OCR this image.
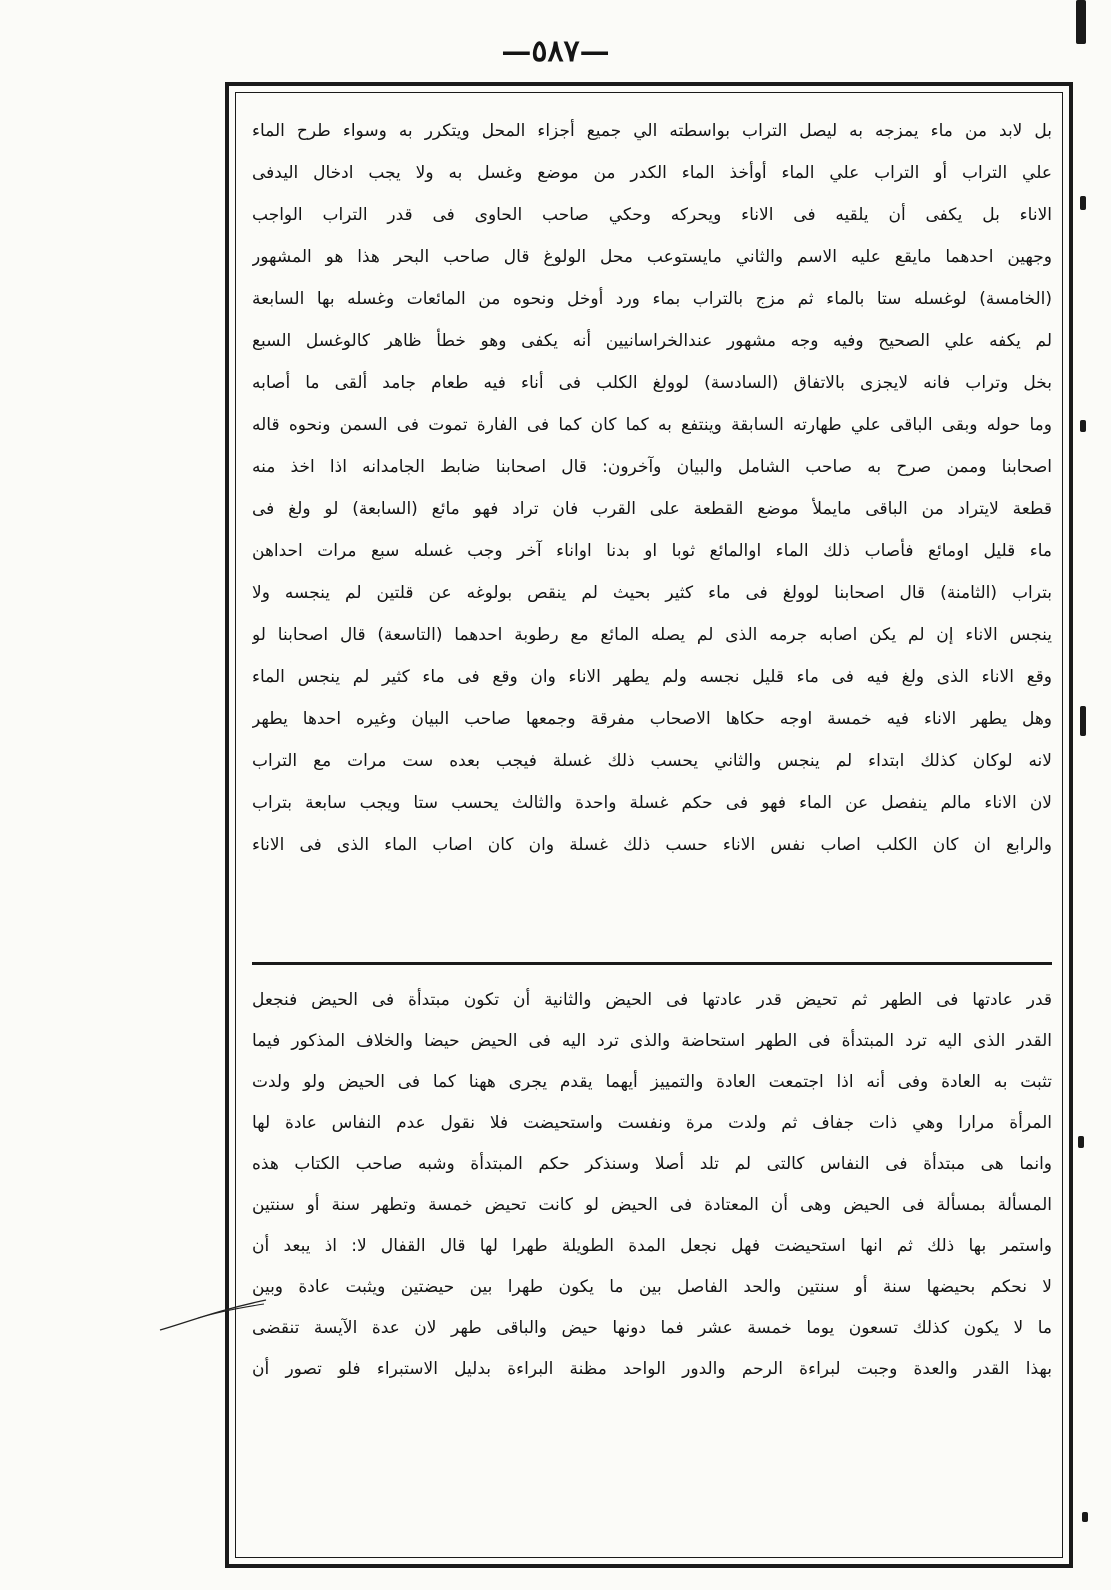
—٥٨٧—
بل لابد من ماء يمزجه به ليصل التراب بواسطته الي جميع أجزاء المحل ويتكرر به وسواء طرح الماء
علي التراب أو التراب علي الماء أوأخذ الماء الكدر من موضع وغسل به ولا يجب ادخال اليدفى
الاناء بل يكفى أن يلقيه فى الاناء ويحركه وحكي صاحب الحاوى فى قدر التراب الواجب
وجهين احدهما مايقع عليه الاسم والثاني مايستوعب محل الولوغ قال صاحب البحر هذا هو المشهور
(الخامسة) لوغسله ستا بالماء ثم مزج بالتراب بماء ورد أوخل ونحوه من المائعات وغسله بها السابعة
لم يكفه علي الصحيح وفيه وجه مشهور عندالخراسانيين أنه يكفى وهو خطأ ظاهر كالوغسل السبع
بخل وتراب فانه لايجزى بالاتفاق (السادسة) لوولغ الكلب فى أناء فيه طعام جامد ألقى ما أصابه
وما حوله وبقى الباقى علي طهارته السابقة وينتفع به كما كان كما فى الفارة تموت فى السمن ونحوه قاله
اصحابنا وممن صرح به صاحب الشامل والبيان وآخرون: قال اصحابنا ضابط الجامدانه اذا اخذ منه
قطعة لايتراد من الباقى مايملأ موضع القطعة على القرب فان تراد فهو مائع (السابعة) لو ولغ فى
ماء قليل اومائع فأصاب ذلك الماء اوالمائع ثوبا او بدنا اواناء آخر وجب غسله سبع مرات احداهن
بتراب (الثامنة) قال اصحابنا لوولغ فى ماء كثير بحيث لم ينقص بولوغه عن قلتين لم ينجسه ولا
ينجس الاناء إن لم يكن اصابه جرمه الذى لم يصله المائع مع رطوبة احدهما (التاسعة) قال اصحابنا لو
وقع الاناء الذى ولغ فيه فى ماء قليل نجسه ولم يطهر الاناء وان وقع فى ماء كثير لم ينجس الماء
وهل يطهر الاناء فيه خمسة اوجه حكاها الاصحاب مفرقة وجمعها صاحب البيان وغيره احدها يطهر
لانه لوكان كذلك ابتداء لم ينجس والثاني يحسب ذلك غسلة فيجب بعده ست مرات مع التراب
لان الاناء مالم ينفصل عن الماء فهو فى حكم غسلة واحدة والثالث يحسب ستا ويجب سابعة بتراب
والرابع ان كان الكلب اصاب نفس الاناء حسب ذلك غسلة وان كان اصاب الماء الذى فى الاناء
قدر عادتها فى الطهر ثم تحيض قدر عادتها فى الحيض والثانية أن تكون مبتدأة فى الحيض فنجعل
القدر الذى اليه ترد المبتدأة فى الطهر استحاضة والذى ترد اليه فى الحيض حيضا والخلاف المذكور فيما
تثبت به العادة وفى أنه اذا اجتمعت العادة والتمييز أيهما يقدم يجرى ههنا كما فى الحيض ولو ولدت
المرأة مرارا وهي ذات جفاف ثم ولدت مرة ونفست واستحيضت فلا نقول عدم النفاس عادة لها
وانما هى مبتدأة فى النفاس كالتى لم تلد أصلا وسنذكر حكم المبتدأة وشبه صاحب الكتاب هذه
المسألة بمسألة فى الحيض وهى أن المعتادة فى الحيض لو كانت تحيض خمسة وتطهر سنة أو سنتين
واستمر بها ذلك ثم انها استحيضت فهل نجعل المدة الطويلة طهرا لها قال القفال لا: اذ يبعد أن
لا نحكم بحيضها سنة أو سنتين والحد الفاصل بين ما يكون طهرا بين حيضتين ويثبت عادة وبين
ما لا يكون كذلك تسعون يوما خمسة عشر فما دونها حيض والباقى طهر لان عدة الآيسة تنقضى
بهذا القدر والعدة وجبت لبراءة الرحم والدور الواحد مظنة البراءة بدليل الاستبراء فلو تصور أن
